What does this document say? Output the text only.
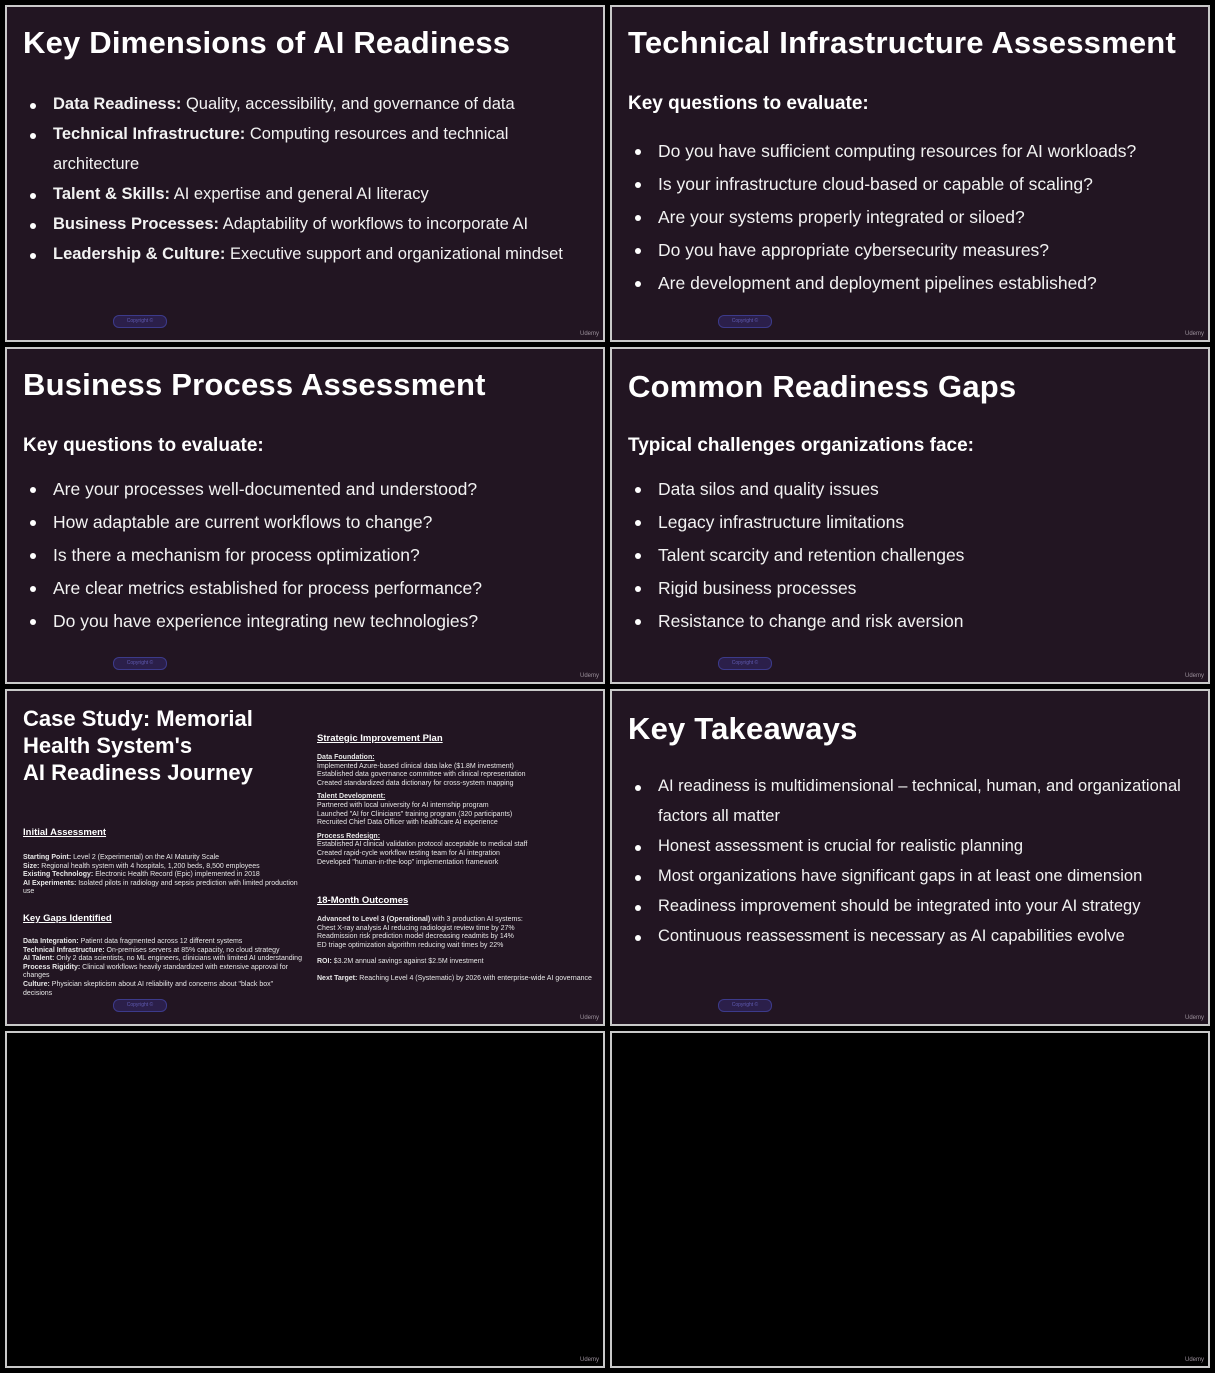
Key Dimensions of AI Readiness
Data Readiness: Quality, accessibility, and governance of data
Technical Infrastructure: Computing resources and technical architecture
Talent & Skills: AI expertise and general AI literacy
Business Processes: Adaptability of workflows to incorporate AI
Leadership & Culture: Executive support and organizational mindset
Copyright ©
Udemy
Technical Infrastructure Assessment
Key questions to evaluate:
Do you have sufficient computing resources for AI workloads?
Is your infrastructure cloud-based or capable of scaling?
Are your systems properly integrated or siloed?
Do you have appropriate cybersecurity measures?
Are development and deployment pipelines established?
Copyright ©
Udemy
Business Process Assessment
Key questions to evaluate:
Are your processes well-documented and understood?
How adaptable are current workflows to change?
Is there a mechanism for process optimization?
Are clear metrics established for process performance?
Do you have experience integrating new technologies?
Copyright ©
Udemy
Common Readiness Gaps
Typical challenges organizations face:
Data silos and quality issues
Legacy infrastructure limitations
Talent scarcity and retention challenges
Rigid business processes
Resistance to change and risk aversion
Copyright ©
Udemy
Case Study: Memorial
Health System's
AI Readiness Journey
Initial Assessment
Starting Point: Level 2 (Experimental) on the AI Maturity Scale
Size: Regional health system with 4 hospitals, 1,200 beds, 8,500 employees
Existing Technology: Electronic Health Record (Epic) implemented in 2018
AI Experiments: Isolated pilots in radiology and sepsis prediction with limited production use
Key Gaps Identified
Data Integration: Patient data fragmented across 12 different systems
Technical Infrastructure: On-premises servers at 85% capacity, no cloud strategy
AI Talent: Only 2 data scientists, no ML engineers, clinicians with limited AI understanding
Process Rigidity: Clinical workflows heavily standardized with extensive approval for changes
Culture: Physician skepticism about AI reliability and concerns about "black box" decisions
Strategic Improvement Plan

Data Foundation:
Implemented Azure-based clinical data lake ($1.8M investment)
Established data governance committee with clinical representation
Created standardized data dictionary for cross-system mapping

Talent Development:
Partnered with local university for AI internship program
Launched "AI for Clinicians" training program (320 participants)
Recruited Chief Data Officer with healthcare AI experience

Process Redesign:
Established AI clinical validation protocol acceptable to medical staff
Created rapid-cycle workflow testing team for AI integration
Developed "human-in-the-loop" implementation framework

18-Month Outcomes

Advanced to Level 3 (Operational) with 3 production AI systems:
Chest X-ray analysis AI reducing radiologist review time by 27%
Readmission risk prediction model decreasing readmits by 14%
ED triage optimization algorithm reducing wait times by 22%

ROI: $3.2M annual savings against $2.5M investment

Next Target: Reaching Level 4 (Systematic) by 2026 with enterprise-wide AI governance

Copyright ©
Udemy
Key Takeaways
AI readiness is multidimensional – technical, human, and organizational factors all matter
Honest assessment is crucial for realistic planning
Most organizations have significant gaps in at least one dimension
Readiness improvement should be integrated into your AI strategy
Continuous reassessment is necessary as AI capabilities evolve
Copyright ©
Udemy
Udemy	Udemy
